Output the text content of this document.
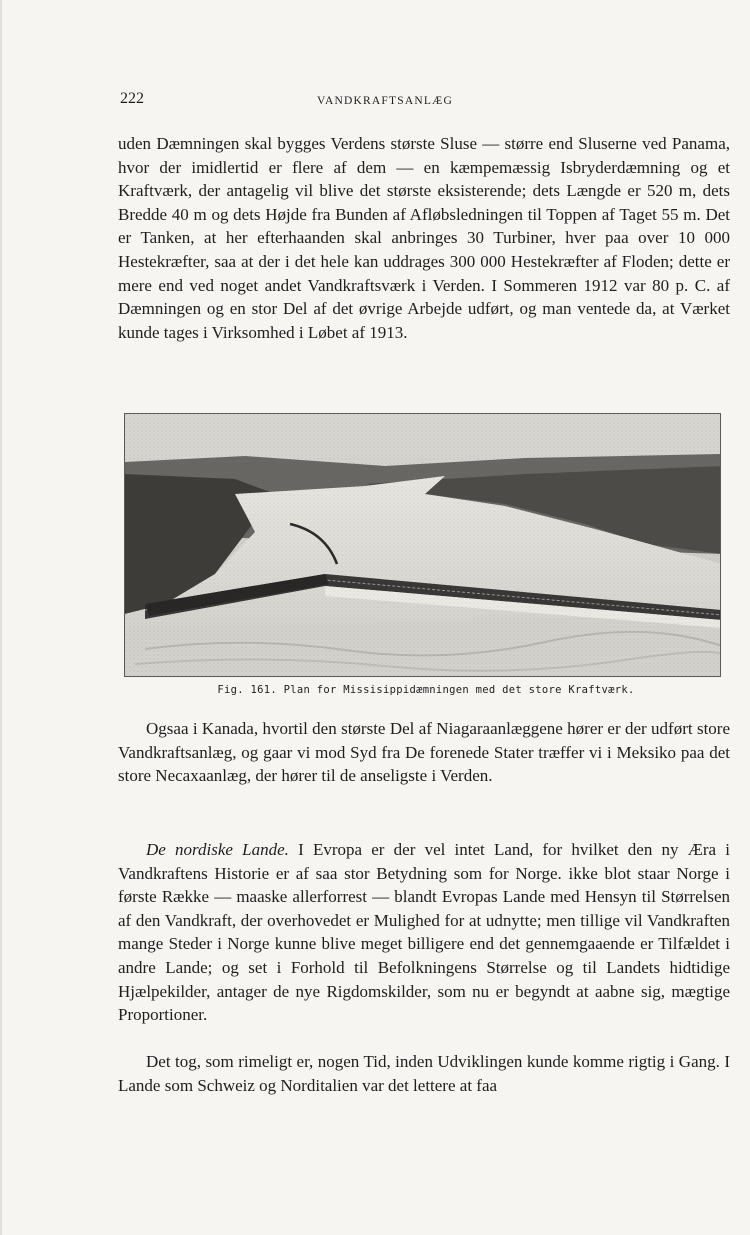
222	VANDKRAFTSANLÆG

uden Dæmningen skal bygges Verdens største Sluse — større end Sluserne ved Panama, hvor der imidlertid er flere af dem — en kæmpemæssig Isbryderdæmning og et Kraftværk, der antagelig vil blive det største eksisterende; dets Længde er 520 m, dets Bredde 40 m og dets Højde fra Bunden af Afløbsledningen til Toppen af Taget 55 m. Det er Tanken, at her efterhaanden skal anbringes 30 Turbiner, hver paa over 10 000 Hestekræfter, saa at der i det hele kan uddrages 300 000 Hestekræfter af Floden; dette er mere end ved noget andet Vandkraftsværk i Verden. I Sommeren 1912 var 80 p. C. af Dæmningen og en stor Del af det øvrige Arbejde udført, og man ventede da, at Værket kunde tages i Virksomhed i Løbet af 1913.

Fig. 161. Plan for Missisippidæmningen med det store Kraftværk.

Ogsaa i Kanada, hvortil den største Del af Niagaraanlæggene hører er der udført store Vandkraftsanlæg, og gaar vi mod Syd fra De forenede Stater træffer vi i Meksiko paa det store Necaxaanlæg, der hører til de anseligste i Verden.

De nordiske Lande. I Evropa er der vel intet Land, for hvilket den ny Æra i Vandkraftens Historie er af saa stor Betydning som for Norge. ikke blot staar Norge i første Række — maaske allerforrest — blandt Evropas Lande med Hensyn til Størrelsen af den Vandkraft, der overhovedet er Mulighed for at udnytte; men tillige vil Vandkraften mange Steder i Norge kunne blive meget billigere end det gennemgaaende er Tilfældet i andre Lande; og set i Forhold til Befolkningens Størrelse og til Landets hidtidige Hjælpekilder, antager de nye Rigdomskilder, som nu er begyndt at aabne sig, mægtige Proportioner.

Det tog, som rimeligt er, nogen Tid, inden Udviklingen kunde komme rigtig i Gang. I Lande som Schweiz og Norditalien var det lettere at faa
